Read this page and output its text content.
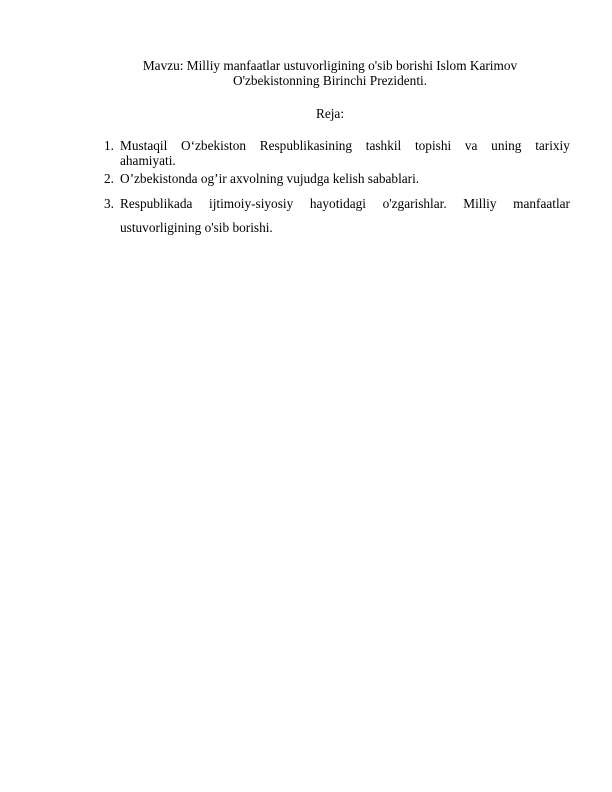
Mavzu: Milliy manfaatlar ustuvorligining o'sib borishi Islom Karimov
O'zbekistonning Birinchi Prezidenti.
Reja:
1. Mustaqil O‘zbekiston Respublikasining tashkil topishi va uning tarixiy
ahamiyati.
2. O’zbekistonda og’ir axvolning vujudga kelish sabablari.
3. Respublikada ijtimoiy-siyosiy hayotidagi o'zgarishlar. Milliy manfaatlar
ustuvorligining o'sib borishi.
